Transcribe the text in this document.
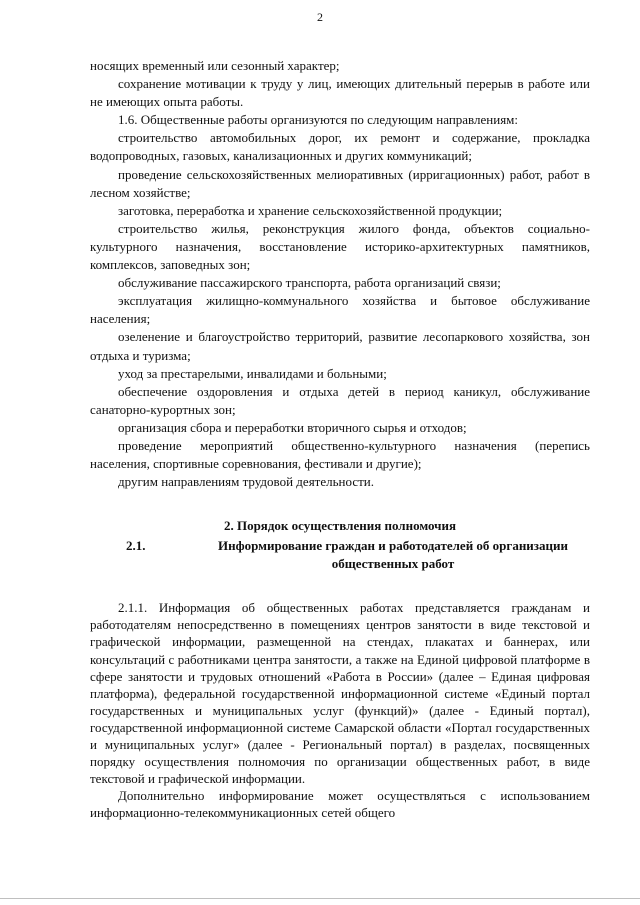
2

носящих временный или сезонный характер;

сохранение мотивации к труду у лиц, имеющих длительный перерыв в работе или не имеющих опыта работы.

1.6. Общественные работы организуются по следующим направлениям:

строительство автомобильных дорог, их ремонт и содержание, прокладка водопроводных, газовых, канализационных и других коммуникаций;

проведение сельскохозяйственных мелиоративных (ирригационных) работ, работ в лесном хозяйстве;

заготовка, переработка и хранение сельскохозяйственной продукции;

строительство жилья, реконструкция жилого фонда, объектов социально-культурного назначения, восстановление историко-архитектурных памятников, комплексов, заповедных зон;

обслуживание пассажирского транспорта, работа организаций связи;

эксплуатация жилищно-коммунального хозяйства и бытовое обслуживание населения;

озеленение и благоустройство территорий, развитие лесопаркового хозяйства, зон отдыха и туризма;

уход за престарелыми, инвалидами и больными;

обеспечение оздоровления и отдыха детей в период каникул, обслуживание санаторно-курортных зон;

организация сбора и переработки вторичного сырья и отходов;

проведение мероприятий общественно-культурного назначения (перепись населения, спортивные соревнования, фестивали и другие);

другим направлениям трудовой деятельности.

2. Порядок осуществления полномочия
2.1.	Информирование граждан и работодателей об организации общественных работ

2.1.1. Информация об общественных работах представляется гражданам и работодателям непосредственно в помещениях центров занятости в виде текстовой и графической информации, размещенной на стендах, плакатах и баннерах, или консультаций с работниками центра занятости, а также на Единой цифровой платформе в сфере занятости и трудовых отношений «Работа в России» (далее – Единая цифровая платформа), федеральной государственной информационной системе «Единый портал государственных и муниципальных услуг (функций)» (далее - Единый портал), государственной информационной системе Самарской области «Портал государственных и муниципальных услуг» (далее - Региональный портал) в разделах, посвященных порядку осуществления полномочия по организации общественных работ, в виде текстовой и графической информации.

Дополнительно информирование может осуществляться с использованием информационно-телекоммуникационных сетей общего
